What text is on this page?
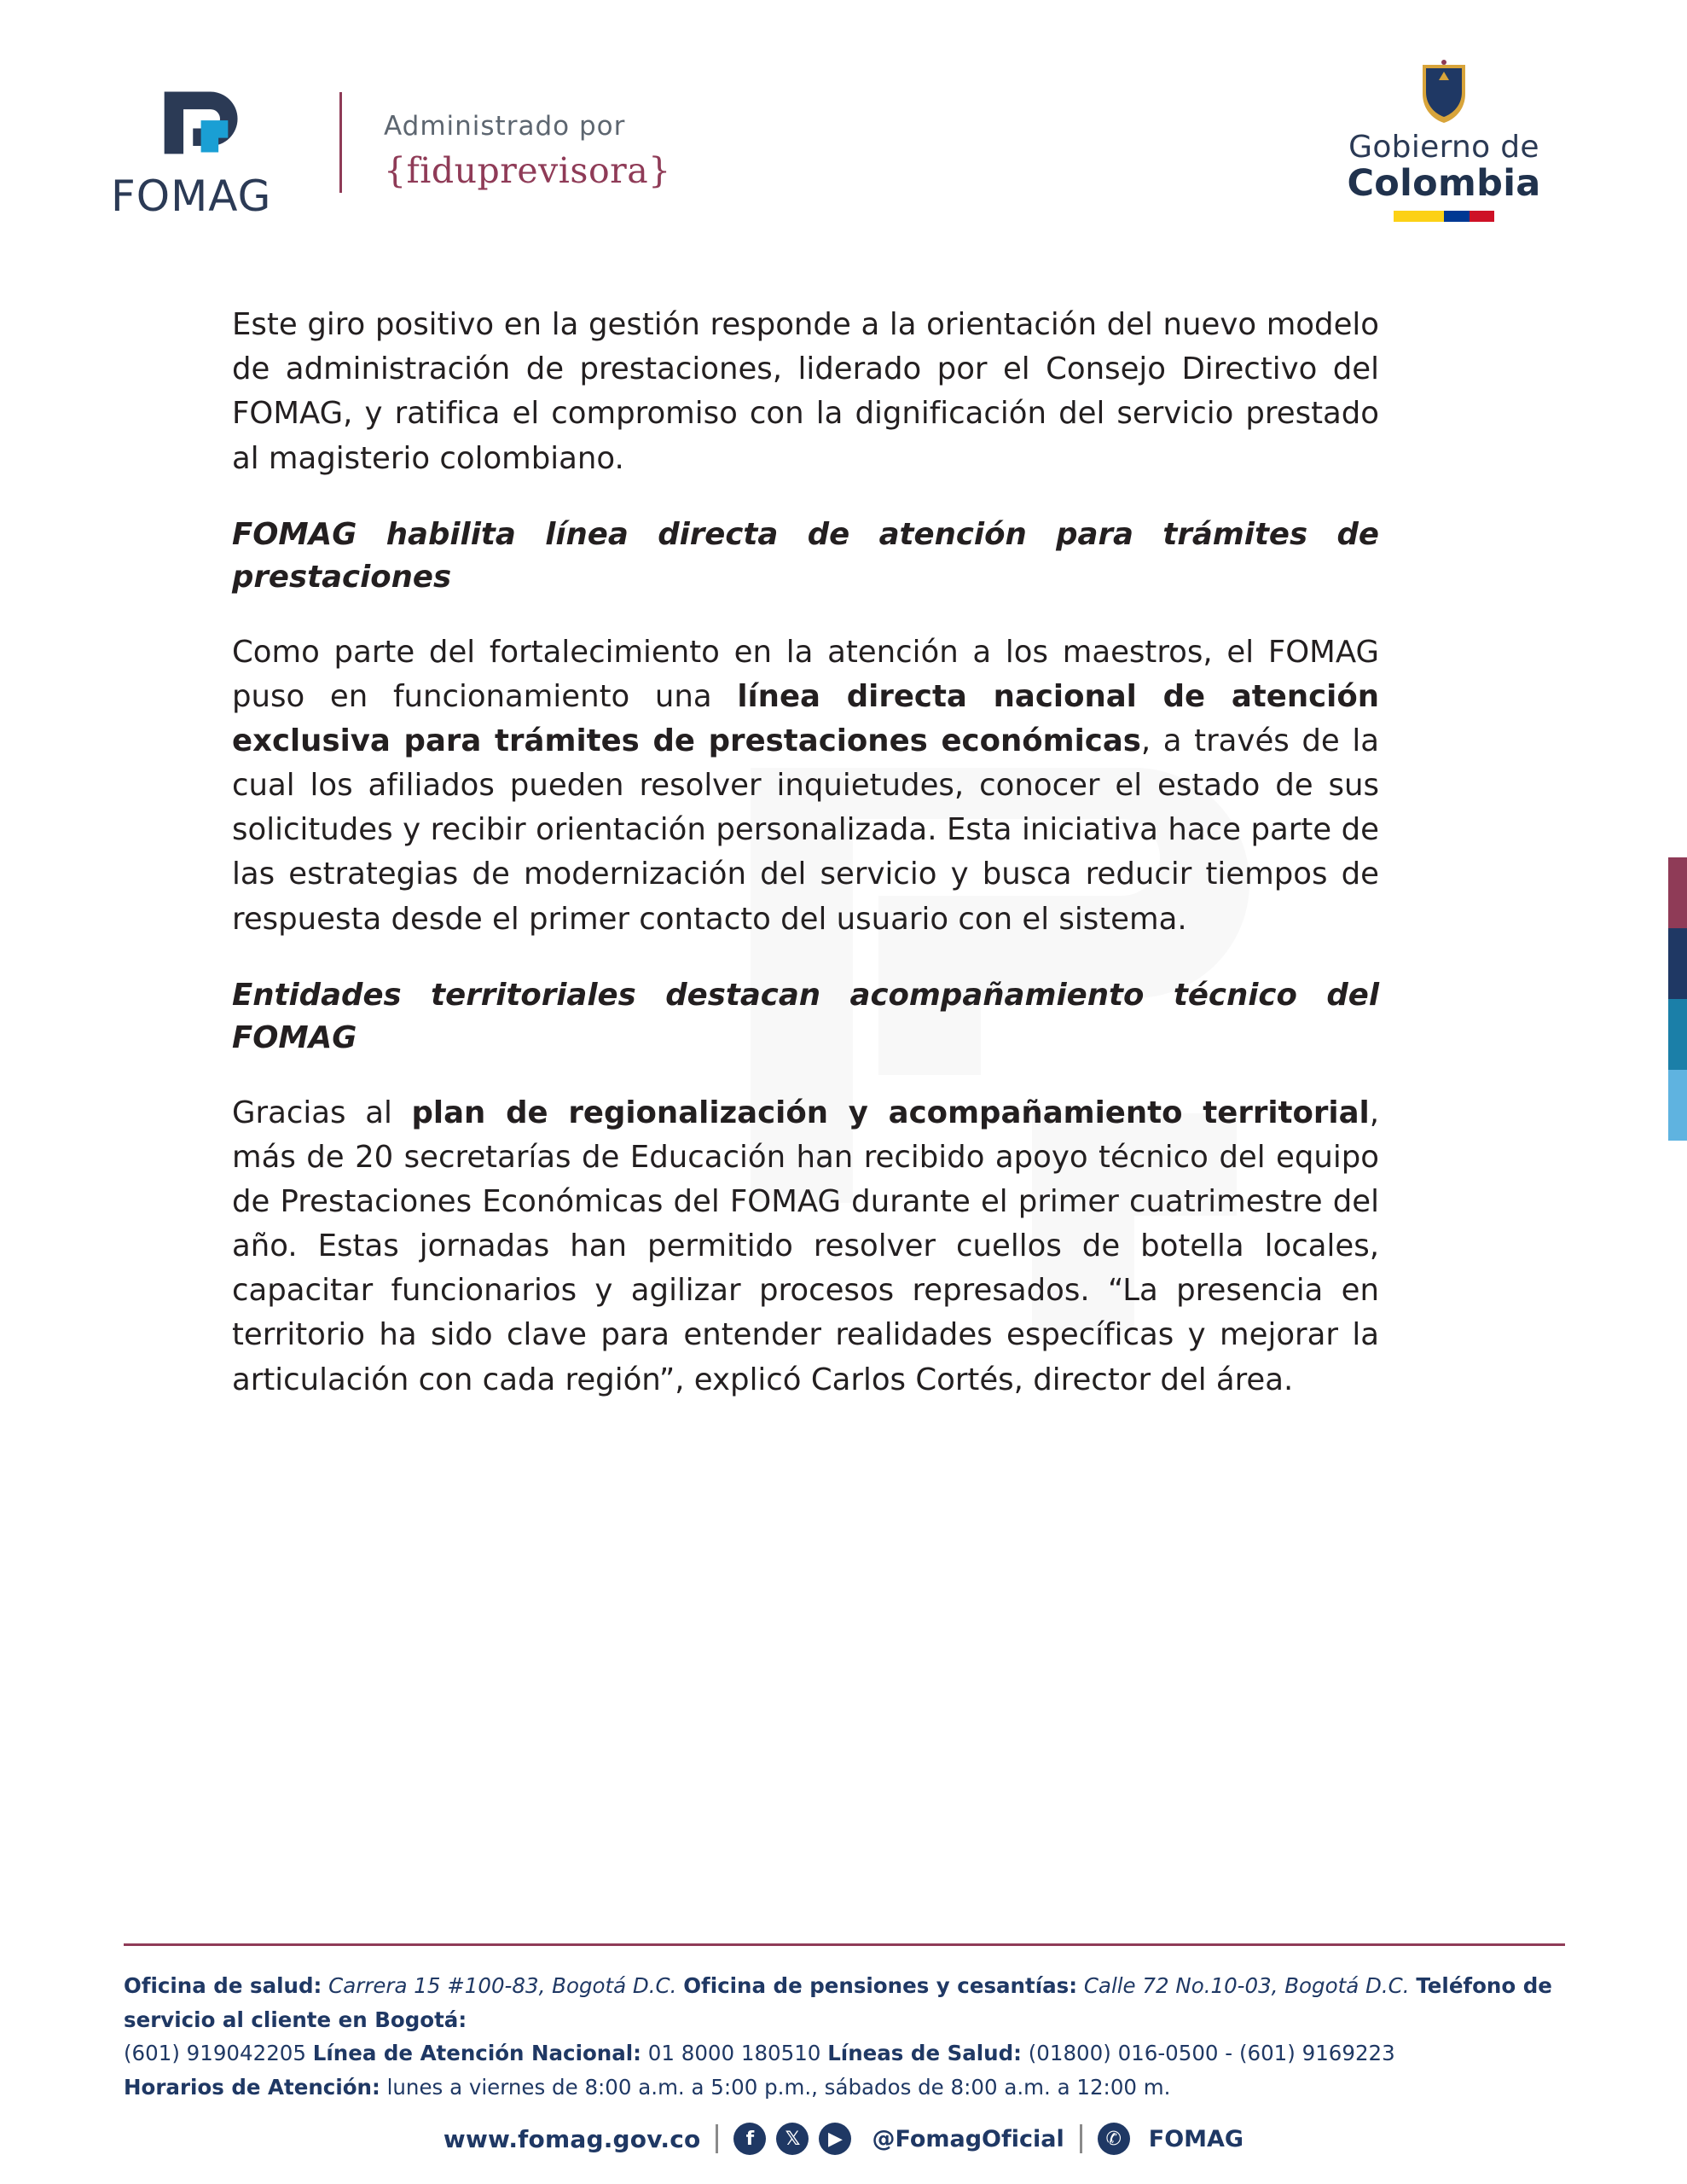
FOMAG
Administrado por
{fiduprevisora}
Gobierno de
Colombia

Este giro positivo en la gestión responde a la orientación del nuevo modelo de administración de prestaciones, liderado por el Consejo Directivo del FOMAG, y ratifica el compromiso con la dignificación del servicio prestado al magisterio colombiano.

FOMAG habilita línea directa de atención para trámites de prestaciones

Como parte del fortalecimiento en la atención a los maestros, el FOMAG puso en funcionamiento una línea directa nacional de atención exclusiva para trámites de prestaciones económicas, a través de la cual los afiliados pueden resolver inquietudes, conocer el estado de sus solicitudes y recibir orientación personalizada. Esta iniciativa hace parte de las estrategias de modernización del servicio y busca reducir tiempos de respuesta desde el primer contacto del usuario con el sistema.

Entidades territoriales destacan acompañamiento técnico del FOMAG

Gracias al plan de regionalización y acompañamiento territorial, más de 20 secretarías de Educación han recibido apoyo técnico del equipo de Prestaciones Económicas del FOMAG durante el primer cuatrimestre del año. Estas jornadas han permitido resolver cuellos de botella locales, capacitar funcionarios y agilizar procesos represados. “La presencia en territorio ha sido clave para entender realidades específicas y mejorar la articulación con cada región”, explicó Carlos Cortés, director del área.

Oficina de salud: Carrera 15 #100-83, Bogotá D.C. Oficina de pensiones y cesantías: Calle 72 No.10-03, Bogotá D.C. Teléfono de servicio al cliente en Bogotá:
(601) 919042205 Línea de Atención Nacional: 01 8000 180510 Líneas de Salud: (01800) 016-0500 - (601) 9169223
Horarios de Atención: lunes a viernes de 8:00 a.m. a 5:00 p.m., sábados de 8:00 a.m. a 12:00 m.
www.fomag.gov.co	f	𝕏	▶	@FomagOficial	✆	FOMAG
